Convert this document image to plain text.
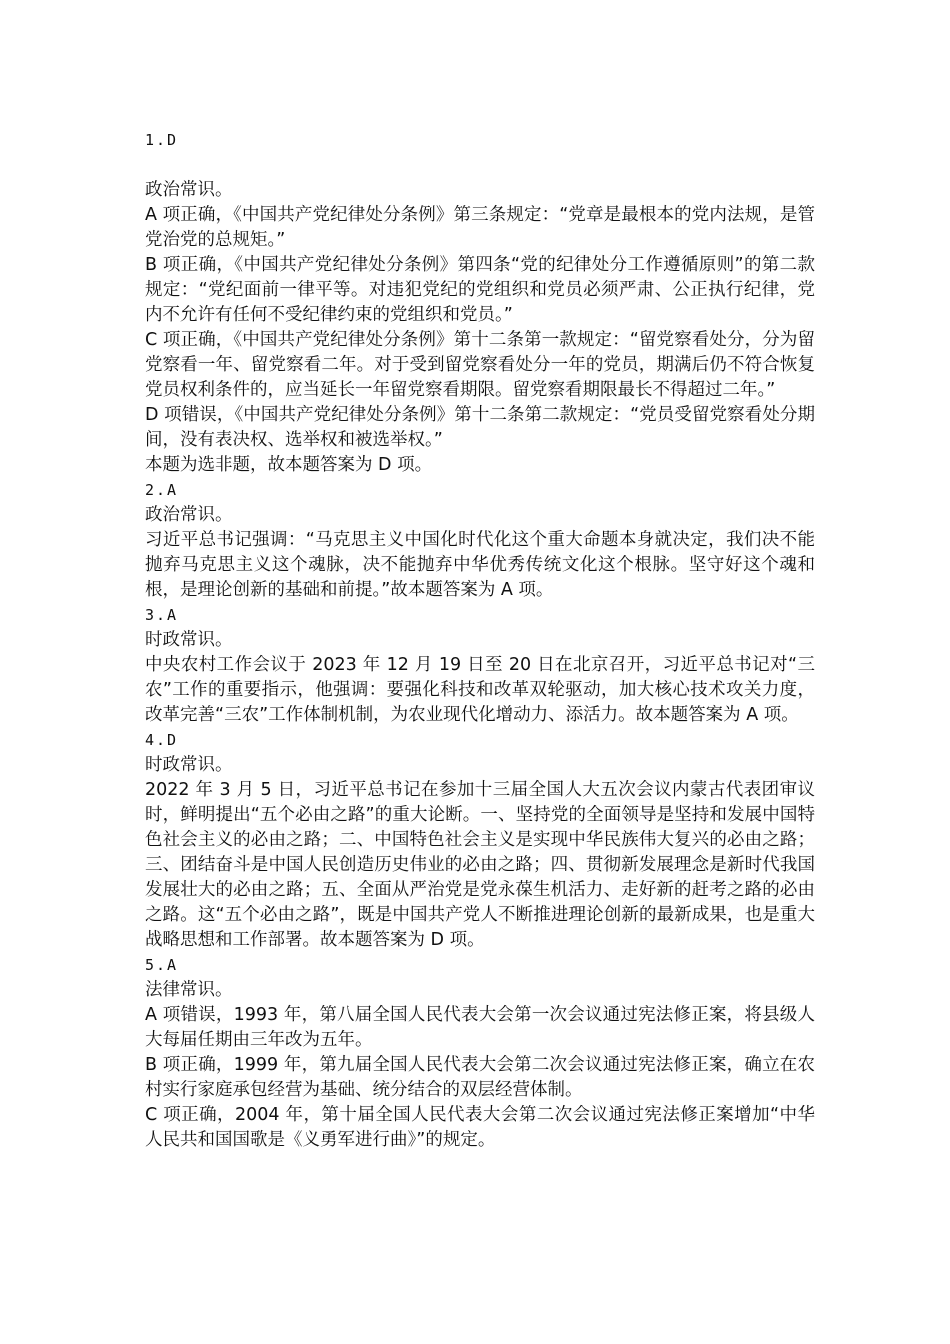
1.D

政治常识。

A 项正确，《中国共产党纪律处分条例》第三条规定：“党章是最根本的党内法规，是管党治党的总规矩。”

B 项正确，《中国共产党纪律处分条例》第四条“党的纪律处分工作遵循原则”的第二款规定：“党纪面前一律平等。对违犯党纪的党组织和党员必须严肃、公正执行纪律，党内不允许有任何不受纪律约束的党组织和党员。”

C 项正确，《中国共产党纪律处分条例》第十二条第一款规定：“留党察看处分，分为留党察看一年、留党察看二年。对于受到留党察看处分一年的党员，期满后仍不符合恢复党员权利条件的，应当延长一年留党察看期限。留党察看期限最长不得超过二年。”

D 项错误，《中国共产党纪律处分条例》第十二条第二款规定：“党员受留党察看处分期间，没有表决权、选举权和被选举权。”

本题为选非题，故本题答案为 D 项。

2.A

政治常识。

习近平总书记强调：“马克思主义中国化时代化这个重大命题本身就决定，我们决不能抛弃马克思主义这个魂脉，决不能抛弃中华优秀传统文化这个根脉。坚守好这个魂和根，是理论创新的基础和前提。”故本题答案为 A 项。

3.A

时政常识。

中央农村工作会议于 2023 年 12 月 19 日至 20 日在北京召开，习近平总书记对“三农”工作的重要指示，他强调：要强化科技和改革双轮驱动，加大核心技术攻关力度，改革完善“三农”工作体制机制，为农业现代化增动力、添活力。故本题答案为 A 项。

4.D

时政常识。

2022 年 3 月 5 日，习近平总书记在参加十三届全国人大五次会议内蒙古代表团审议时，鲜明提出“五个必由之路”的重大论断。一、坚持党的全面领导是坚持和发展中国特色社会主义的必由之路；二、中国特色社会主义是实现中华民族伟大复兴的必由之路；三、团结奋斗是中国人民创造历史伟业的必由之路；四、贯彻新发展理念是新时代我国发展壮大的必由之路；五、全面从严治党是党永葆生机活力、走好新的赶考之路的必由之路。这“五个必由之路”，既是中国共产党人不断推进理论创新的最新成果，也是重大战略思想和工作部署。故本题答案为 D 项。

5.A

法律常识。

A 项错误，1993 年，第八届全国人民代表大会第一次会议通过宪法修正案，将县级人大每届任期由三年改为五年。

B 项正确，1999 年，第九届全国人民代表大会第二次会议通过宪法修正案，确立在农村实行家庭承包经营为基础、统分结合的双层经营体制。

C 项正确，2004 年，第十届全国人民代表大会第二次会议通过宪法修正案增加“中华人民共和国国歌是《义勇军进行曲》”的规定。
